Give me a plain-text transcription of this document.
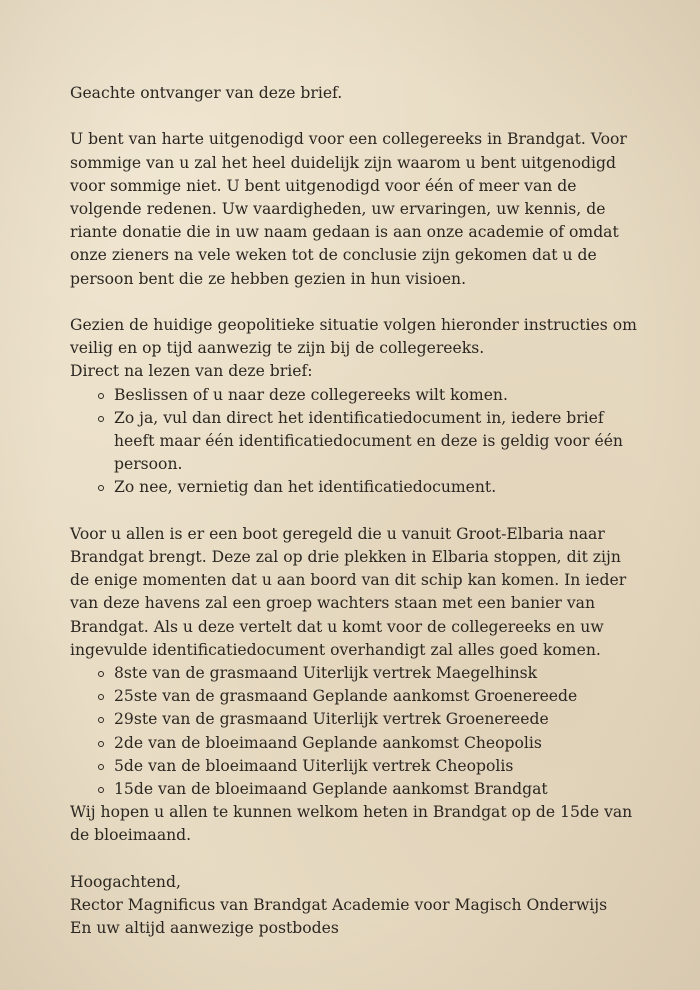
Geachte ontvanger van deze brief.

U bent van harte uitgenodigd voor een collegereeks in Brandgat. Voor sommige van u zal het heel duidelijk zijn waarom u bent uitgenodigd voor sommige niet. U bent uitgenodigd voor één of meer van de volgende redenen. Uw vaardigheden, uw ervaringen, uw kennis, de riante donatie die in uw naam gedaan is aan onze academie of omdat onze zieners na vele weken tot de conclusie zijn gekomen dat u de persoon bent die ze hebben gezien in hun visioen.

Gezien de huidige geopolitieke situatie volgen hieronder instructies om veilig en op tijd aanwezig te zijn bij de collegereeks.

Direct na lezen van deze brief:

Beslissen of u naar deze collegereeks wilt komen.
Zo ja, vul dan direct het identificatiedocument in, iedere brief heeft maar één identificatiedocument en deze is geldig voor één persoon.
Zo nee, vernietig dan het identificatiedocument.

Voor u allen is er een boot geregeld die u vanuit Groot-Elbaria naar Brandgat brengt. Deze zal op drie plekken in Elbaria stoppen, dit zijn de enige momenten dat u aan boord van dit schip kan komen. In ieder van deze havens zal een groep wachters staan met een banier van Brandgat. Als u deze vertelt dat u komt voor de collegereeks en uw ingevulde identificatiedocument overhandigt zal alles goed komen.

8ste van de grasmaand Uiterlijk vertrek Maegelhinsk
25ste van de grasmaand Geplande aankomst Groenereede
29ste van de grasmaand Uiterlijk vertrek Groenereede
2de van de bloeimaand Geplande aankomst Cheopolis
5de van de bloeimaand Uiterlijk vertrek Cheopolis
15de van de bloeimaand Geplande aankomst Brandgat

Wij hopen u allen te kunnen welkom heten in Brandgat op de 15de van de bloeimaand.

Hoogachtend,

Rector Magnificus van Brandgat Academie voor Magisch Onderwijs

En uw altijd aanwezige postbodes
